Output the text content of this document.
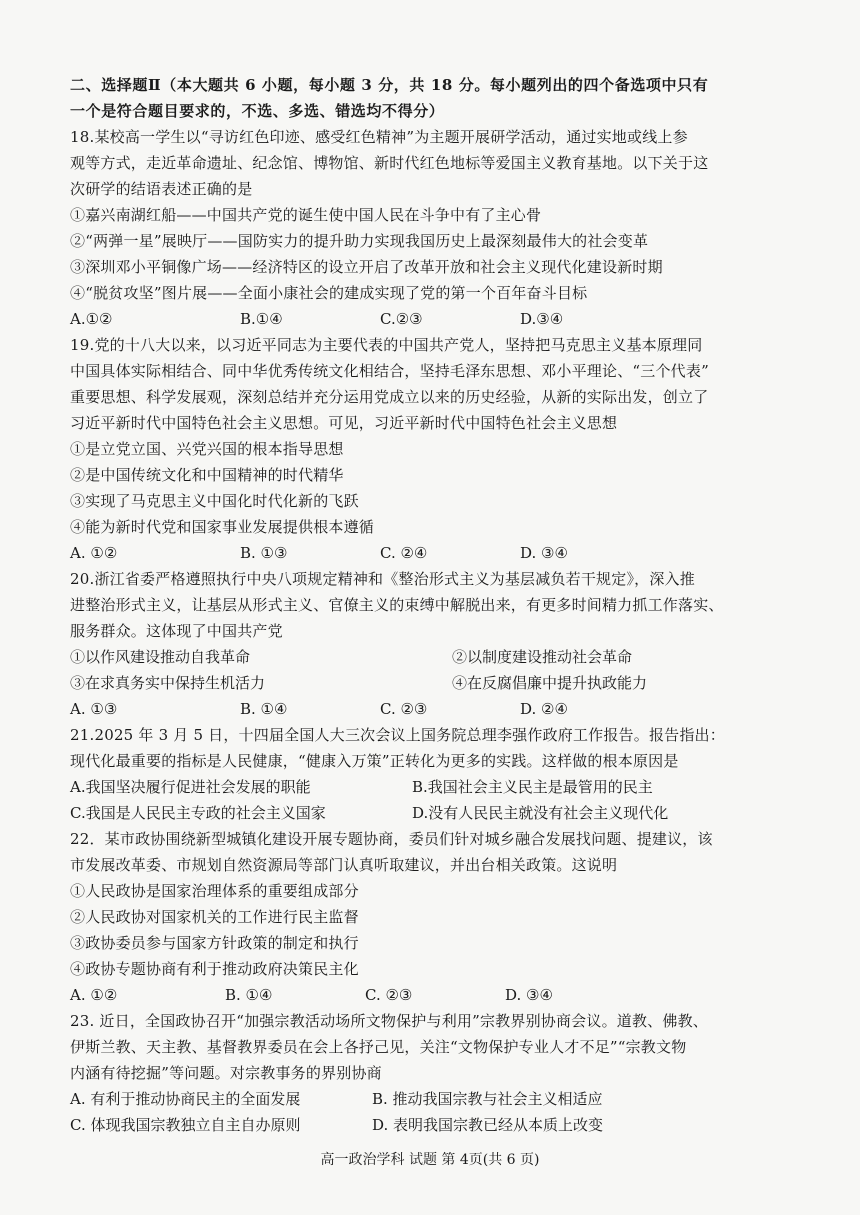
二、选择题Ⅱ（本大题共 6 小题，每小题 3 分，共 18 分。每小题列出的四个备选项中只有
一个是符合题目要求的，不选、多选、错选均不得分）
18.某校高一学生以“寻访红色印迹、感受红色精神”为主题开展研学活动，通过实地或线上参
观等方式，走近革命遗址、纪念馆、博物馆、新时代红色地标等爱国主义教育基地。以下关于这
次研学的结语表述正确的是
①嘉兴南湖红船——中国共产党的诞生使中国人民在斗争中有了主心骨
②“两弹一星”展映厅——国防实力的提升助力实现我国历史上最深刻最伟大的社会变革
③深圳邓小平铜像广场——经济特区的设立开启了改革开放和社会主义现代化建设新时期
④“脱贫攻坚”图片展——全面小康社会的建成实现了党的第一个百年奋斗目标
A.①②	B.①④	C.②③	D.③④
19.党的十八大以来，以习近平同志为主要代表的中国共产党人，坚持把马克思主义基本原理同
中国具体实际相结合、同中华优秀传统文化相结合，坚持毛泽东思想、邓小平理论、“三个代表”
重要思想、科学发展观，深刻总结并充分运用党成立以来的历史经验，从新的实际出发，创立了
习近平新时代中国特色社会主义思想。可见，习近平新时代中国特色社会主义思想
①是立党立国、兴党兴国的根本指导思想
②是中国传统文化和中国精神的时代精华
③实现了马克思主义中国化时代化新的飞跃
④能为新时代党和国家事业发展提供根本遵循
A. ①②	B. ①③	C. ②④	D. ③④
20.浙江省委严格遵照执行中央八项规定精神和《整治形式主义为基层减负若干规定》，深入推
进整治形式主义，让基层从形式主义、官僚主义的束缚中解脱出来，有更多时间精力抓工作落实、
服务群众。这体现了中国共产党
①以作风建设推动自我革命	②以制度建设推动社会革命
③在求真务实中保持生机活力	④在反腐倡廉中提升执政能力
A. ①③	B. ①④	C. ②③	D. ②④
21.2025 年 3 月 5 日，十四届全国人大三次会议上国务院总理李强作政府工作报告。报告指出：
现代化最重要的指标是人民健康，“健康入万策”正转化为更多的实践。这样做的根本原因是
A.我国坚决履行促进社会发展的职能	B.我国社会主义民主是最管用的民主
C.我国是人民民主专政的社会主义国家	D.没有人民民主就没有社会主义现代化
22．某市政协围绕新型城镇化建设开展专题协商，委员们针对城乡融合发展找问题、提建议，该
市发展改革委、市规划自然资源局等部门认真听取建议，并出台相关政策。这说明
①人民政协是国家治理体系的重要组成部分
②人民政协对国家机关的工作进行民主监督
③政协委员参与国家方针政策的制定和执行
④政协专题协商有利于推动政府决策民主化
A. ①②	B. ①④	C. ②③	D. ③④
23. 近日，全国政协召开“加强宗教活动场所文物保护与利用”宗教界别协商会议。道教、佛教、
伊斯兰教、天主教、基督教界委员在会上各抒己见，关注“文物保护专业人才不足”“宗教文物
内涵有待挖掘”等问题。对宗教事务的界别协商
A. 有利于推动协商民主的全面发展	B. 推动我国宗教与社会主义相适应
C. 体现我国宗教独立自主自办原则	D. 表明我国宗教已经从本质上改变
高一政治学科 试题 第 4页(共 6 页)
